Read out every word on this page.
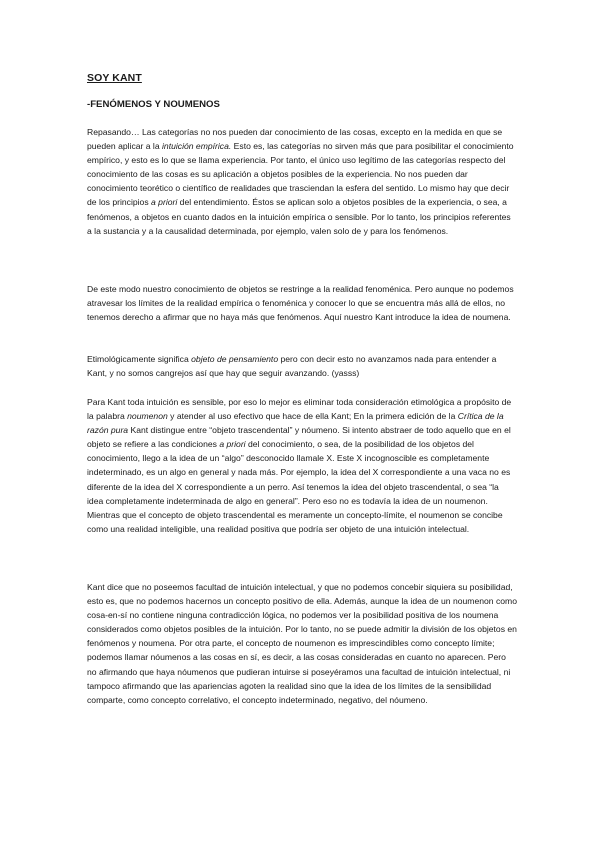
SOY KANT
-FENÓMENOS Y NOUMENOS

Repasando… Las categorías no nos pueden dar conocimiento de las cosas, excepto en la medida en que se pueden aplicar a la intuición empírica. Esto es, las categorías no sirven más que para posibilitar el conocimiento empírico, y esto es lo que se llama experiencia. Por tanto, el único uso legítimo de las categorías respecto del conocimiento de las cosas es su aplicación a objetos posibles de la experiencia. No nos pueden dar conocimiento teorético o científico de realidades que trasciendan la esfera del sentido. Lo mismo hay que decir de los principios a priori del entendimiento. Éstos se aplican solo a objetos posibles de la experiencia, o sea, a fenómenos, a objetos en cuanto dados en la intuición empírica o sensible. Por lo tanto, los principios referentes a la sustancia y a la causalidad determinada, por ejemplo, valen solo de y para los fenómenos.

De este modo nuestro conocimiento de objetos se restringe a la realidad fenoménica. Pero aunque no podemos atravesar los límites de la realidad empírica o fenoménica y conocer lo que se encuentra más allá de ellos, no tenemos derecho a afirmar que no haya más que fenómenos. Aquí nuestro Kant introduce la idea de noumena.

Etimológicamente significa objeto de pensamiento pero con decir esto no avanzamos nada para entender a Kant, y no somos cangrejos así que hay que seguir avanzando. (yasss)

Para Kant toda intuición es sensible, por eso lo mejor es eliminar toda consideración etimológica a propósito de la palabra noumenon y atender al uso efectivo que hace de ella Kant; En la primera edición de la Crítica de la razón pura Kant distingue entre “objeto trascendental” y nóumeno. Si intento abstraer de todo aquello que en el objeto se refiere a las condiciones a priori del conocimiento, o sea, de la posibilidad de los objetos del conocimiento, llego a la idea de un “algo” desconocido llamale X. Este X incognoscible es completamente indeterminado, es un algo en general y nada más. Por ejemplo, la idea del X correspondiente a una vaca no es diferente de la idea del X correspondiente a un perro. Así tenemos la idea del objeto trascendental, o sea “la idea completamente indeterminada de algo en general”. Pero eso no es todavía la idea de un noumenon. Mientras que el concepto de objeto trascendental es meramente un concepto-límite, el noumenon se concibe como una realidad inteligible, una realidad positiva que podría ser objeto de una intuición intelectual.

Kant dice que no poseemos facultad de intuición intelectual, y que no podemos concebir siquiera su posibilidad, esto es, que no podemos hacernos un concepto positivo de ella. Además, aunque la idea de un noumenon como cosa-en-sí no contiene ninguna contradicción lógica, no podemos ver la posibilidad positiva de los noumena considerados como objetos posibles de la intuición. Por lo tanto, no se puede admitir la división de los objetos en fenómenos y noumena. Por otra parte, el concepto de noumenon es imprescindibles como concepto límite; podemos llamar nóumenos a las cosas en sí, es decir, a las cosas consideradas en cuanto no aparecen. Pero no afirmando que haya nóumenos que pudieran intuirse si poseyéramos una facultad de intuición intelectual, ni tampoco afirmando que las apariencias agoten la realidad sino que la idea de los límites de la sensibilidad comparte, como concepto correlativo, el concepto indeterminado, negativo, del nóumeno.
